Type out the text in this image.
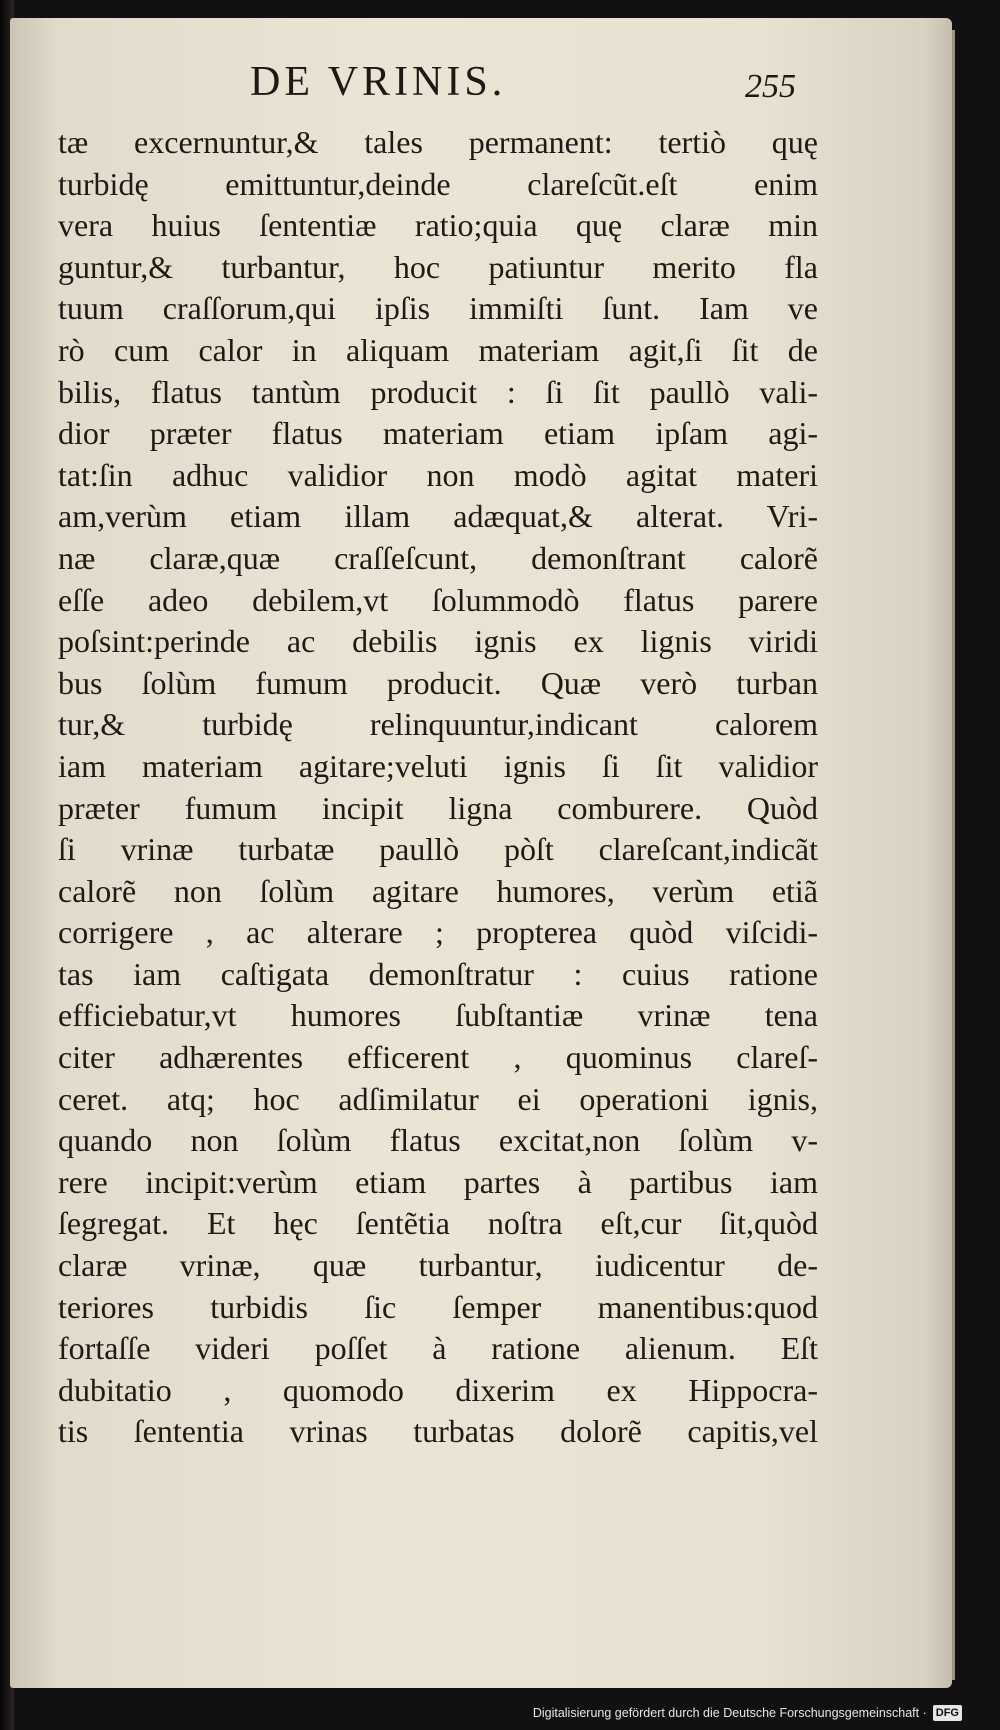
DE VRINIS.	255
tæ excernuntur,& tales permanent: tertiò quę
turbidę emittuntur,deinde clareſcũt.eſt enim
vera huius ſententiæ ratio;quia quę claræ min
guntur,& turbantur, hoc patiuntur merito fla
tuum craſſorum,qui ipſis immiſti ſunt. Iam ve
rò cum calor in aliquam materiam agit,ſi ſit de
bilis, flatus tantùm producit : ſi ſit paullò vali-
dior præter flatus materiam etiam ipſam agi-
tat:ſin adhuc validior non modò agitat materi
am,verùm etiam illam adæquat,& alterat. Vri-
næ claræ,quæ craſſeſcunt, demonſtrant calorẽ
eſſe adeo debilem,vt ſolummodò flatus parere
poſsint:perinde ac debilis ignis ex lignis viridi
bus ſolùm fumum producit. Quæ verò turban
tur,& turbidę relinquuntur,indicant calorem
iam materiam agitare;veluti ignis ſi ſit validior
præter fumum incipit ligna comburere. Quòd
ſi vrinæ turbatæ paullò pòſt clareſcant,indicãt
calorẽ non ſolùm agitare humores, verùm etiã
corrigere , ac alterare ; propterea quòd viſcidi-
tas iam caſtigata demonſtratur : cuius ratione
efficiebatur,vt humores ſubſtantiæ vrinæ tena
citer adhærentes efficerent , quominus clareſ-
ceret. atq; hoc adſimilatur ei operationi ignis,
quando non ſolùm flatus excitat,non ſolùm v-
rere incipit:verùm etiam partes à partibus iam
ſegregat. Et hęc ſentẽtia noſtra eſt,cur ſit,quòd
claræ vrinæ, quæ turbantur, iudicentur de-
teriores turbidis ſic ſemper manentibus:quod
fortaſſe videri poſſet à ratione alienum. Eſt
dubitatio , quomodo dixerim ex Hippocra-
tis ſententia vrinas turbatas dolorẽ capitis,vel
Digitalisierung gefördert durch die Deutsche Forschungsgemeinschaft · DFG
